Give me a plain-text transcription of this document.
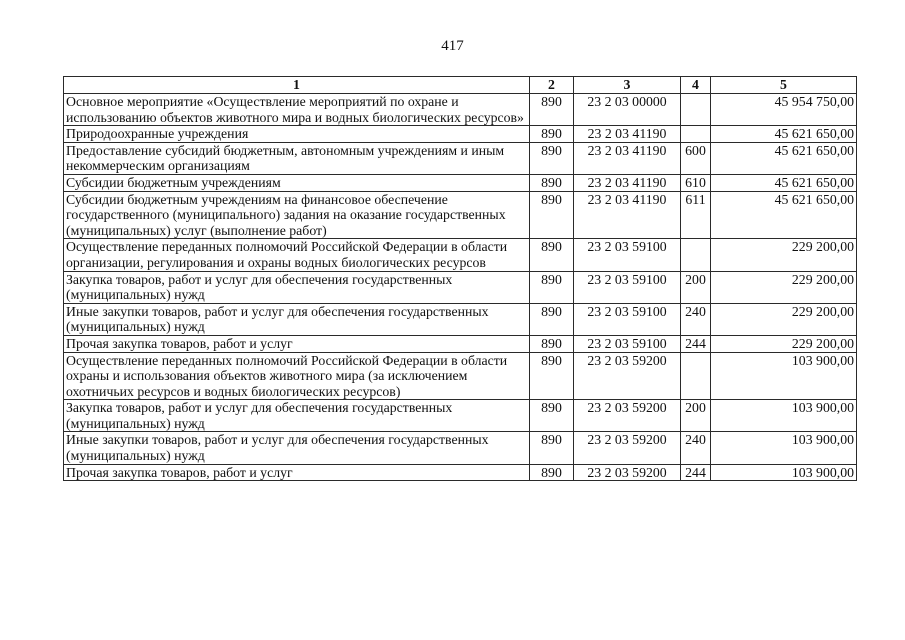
417
1	2	3	4	5
Основное мероприятие «Осуществление мероприятий по охране и использованию объектов животного мира и водных биологических ресурсов»	890	23 2 03 00000		45 954 750,00
Природоохранные учреждения	890	23 2 03 41190		45 621 650,00
Предоставление субсидий бюджетным, автономным учреждениям и иным некоммерческим организациям	890	23 2 03 41190	600	45 621 650,00
Субсидии бюджетным учреждениям	890	23 2 03 41190	610	45 621 650,00
Субсидии бюджетным учреждениям на финансовое обеспечение государственного (муниципального) задания на оказание государственных (муниципальных) услуг (выполнение работ)	890	23 2 03 41190	611	45 621 650,00
Осуществление переданных полномочий Российской Федерации в области организации, регулирования и охраны водных биологических ресурсов	890	23 2 03 59100		229 200,00
Закупка товаров, работ и услуг для обеспечения государственных (муниципальных) нужд	890	23 2 03 59100	200	229 200,00
Иные закупки товаров, работ и услуг для обеспечения государственных (муниципальных) нужд	890	23 2 03 59100	240	229 200,00
Прочая закупка товаров, работ и услуг	890	23 2 03 59100	244	229 200,00
Осуществление переданных полномочий Российской Федерации в области охраны и использования объектов животного мира (за исключением охотничьих ресурсов и водных биологических ресурсов)	890	23 2 03 59200		103 900,00
Закупка товаров, работ и услуг для обеспечения государственных (муниципальных) нужд	890	23 2 03 59200	200	103 900,00
Иные закупки товаров, работ и услуг для обеспечения государственных (муниципальных) нужд	890	23 2 03 59200	240	103 900,00
Прочая закупка товаров, работ и услуг	890	23 2 03 59200	244	103 900,00
